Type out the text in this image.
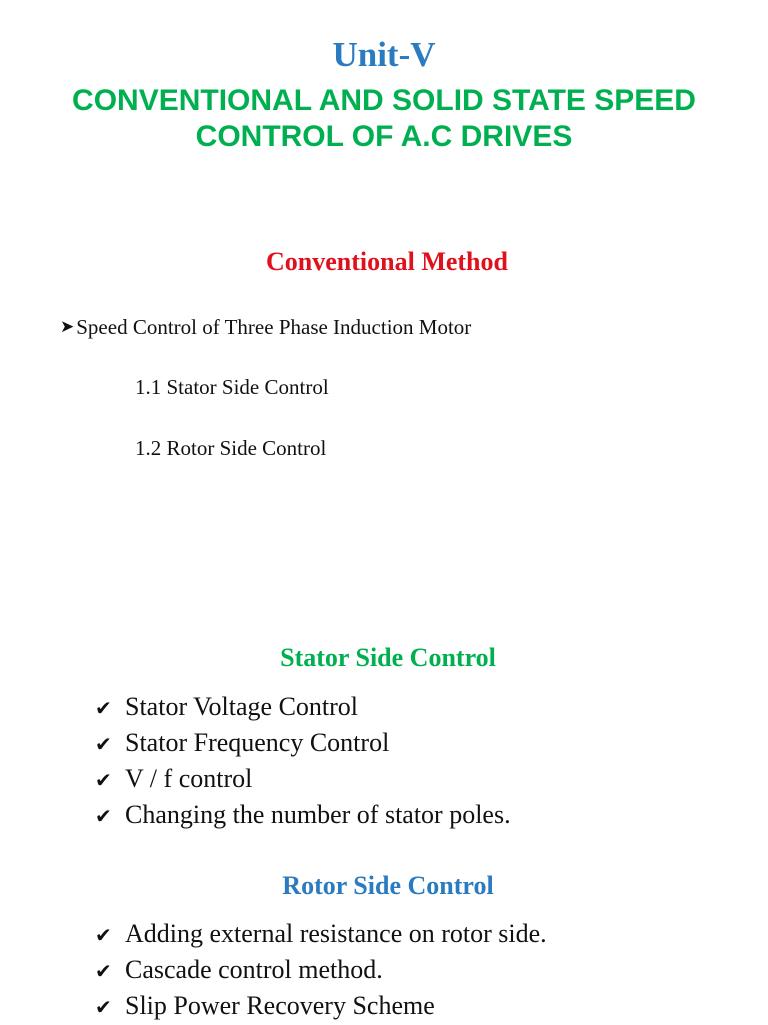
Unit-V
CONVENTIONAL AND SOLID STATE SPEED
CONTROL OF A.C DRIVES
Conventional Method
➤Speed Control of Three Phase Induction Motor
1.1 Stator Side Control
1.2 Rotor Side Control
Stator Side Control
✔ Stator Voltage Control
✔ Stator Frequency Control
✔ V / f control
✔ Changing the number of stator poles.
Rotor Side Control
✔ Adding external resistance on rotor side.
✔ Cascade control method.
✔ Slip Power Recovery Scheme
